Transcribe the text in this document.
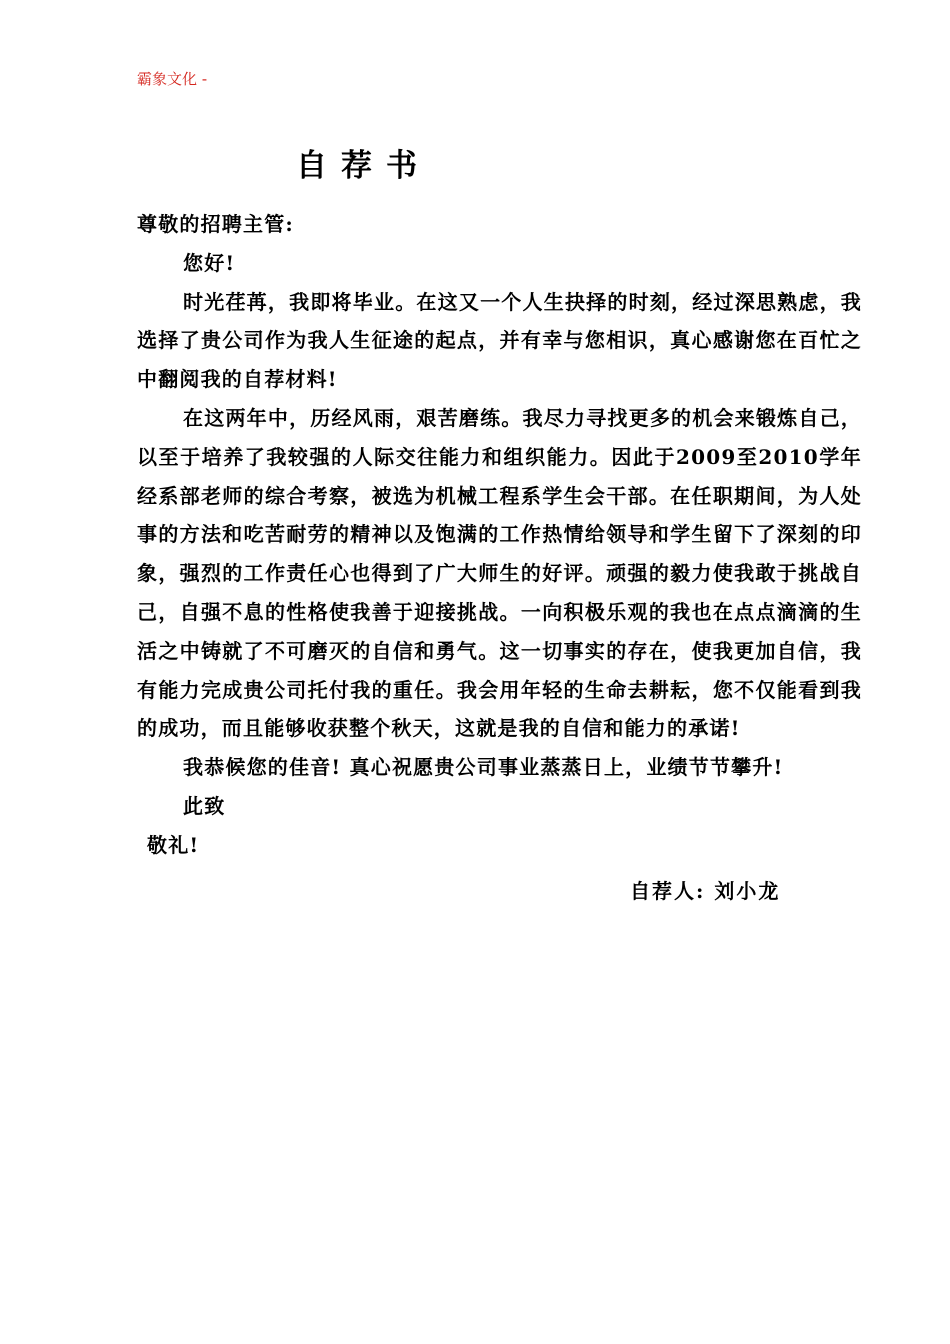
霸象文化 -
自荐书

尊敬的招聘主管:

您好!

时光荏苒，我即将毕业。在这又一个人生抉择的时刻，经过深思熟虑，我选择了贵公司作为我人生征途的起点，并有幸与您相识，真心感谢您在百忙之中翻阅我的自荐材料!

在这两年中，历经风雨，艰苦磨练。我尽力寻找更多的机会来锻炼自己，以至于培养了我较强的人际交往能力和组织能力。因此于2009至2010学年经系部老师的综合考察，被选为机械工程系学生会干部。在任职期间，为人处事的方法和吃苦耐劳的精神以及饱满的工作热情给领导和学生留下了深刻的印象，强烈的工作责任心也得到了广大师生的好评。顽强的毅力使我敢于挑战自己，自强不息的性格使我善于迎接挑战。一向积极乐观的我也在点点滴滴的生活之中铸就了不可磨灭的自信和勇气。这一切事实的存在，使我更加自信，我有能力完成贵公司托付我的重任。我会用年轻的生命去耕耘，您不仅能看到我的成功，而且能够收获整个秋天，这就是我的自信和能力的承诺!

我恭候您的佳音! 真心祝愿贵公司事业蒸蒸日上，业绩节节攀升!

此致

敬礼!

自荐人: 刘小龙
